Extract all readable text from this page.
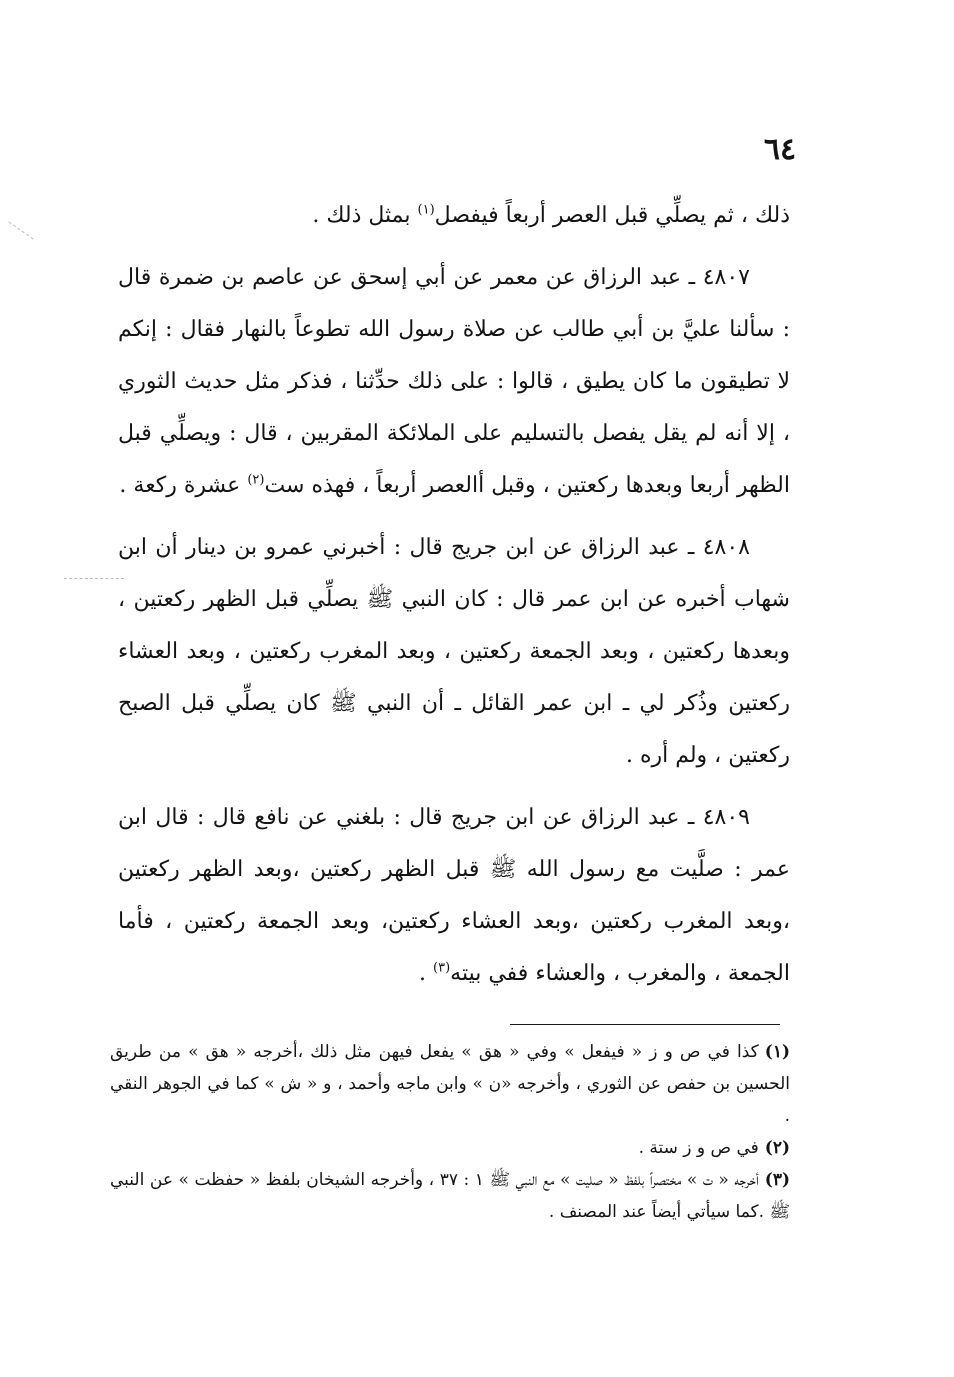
٦٤

ذلك ، ثم يصلِّي قبل العصر أربعاً فيفصل$^{(١)}$ بمثل ذلك .

٤٨٠٧ ـ عبد الرزاق عن معمر عن أبي إسحق عن عاصم بن ضمرة قال : سألنا عليَّ بن أبي طالب عن صلاة رسول الله تطوعاً بالنهار فقال : إنكم لا تطيقون ما كان يطيق ، قالوا : على ذلك حدِّثنا ، فذكر مثل حديث الثوري ، إلا أنه لم يقل يفصل بالتسليم على الملائكة المقربين ، قال : ويصلِّي قبل الظهر أربعا وبعدها ركعتين ، وقبل أالعصر أربعاً ، فهذه ست$^{(٢)}$ عشرة ركعة .

٤٨٠٨ ـ عبد الرزاق عن ابن جريج قال : أخبرني عمرو بن دينار أن ابن شهاب أخبره عن ابن عمر قال : كان النبي ﷺ يصلِّي قبل الظهر ركعتين ، وبعدها ركعتين ، وبعد الجمعة ركعتين ، وبعد المغرب ركعتين ، وبعد العشاء ركعتين وذُكر لي ـ ابن عمر القائل ـ أن النبي ﷺ كان يصلِّي قبل الصبح ركعتين ، ولم أره .

٤٨٠٩ ـ عبد الرزاق عن ابن جريج قال : بلغني عن نافع قال : قال ابن عمر : صلَّيت مع رسول الله ﷺ قبل الظهر ركعتين ،وبعد الظهر ركعتين ،وبعد المغرب ركعتين ،وبعد العشاء ركعتين، وبعد الجمعة ركعتين ، فأما الجمعة ، والمغرب ، والعشاء ففي بيته$^{(٣)}$ .

(١)كذا في ص و ز « فيفعل » وفي « هق » يفعل فيهن مثل ذلك ،أخرجه « هق » من طريق الحسين بن حفص عن الثوري ، وأخرجه «ن » وابن ماجه وأحمد ، و « ش » كما في الجوهر النقي .

(٢)في ص و ز ستة .

(٣)أخرجه « ت » مختصراً بلفظ « صليت » مع النبي ﷺ ١ : ٣٧ ، وأخرجه الشيخان بلفظ « حفظت » عن النبي ﷺ .كما سيأتي أيضاً عند المصنف .
